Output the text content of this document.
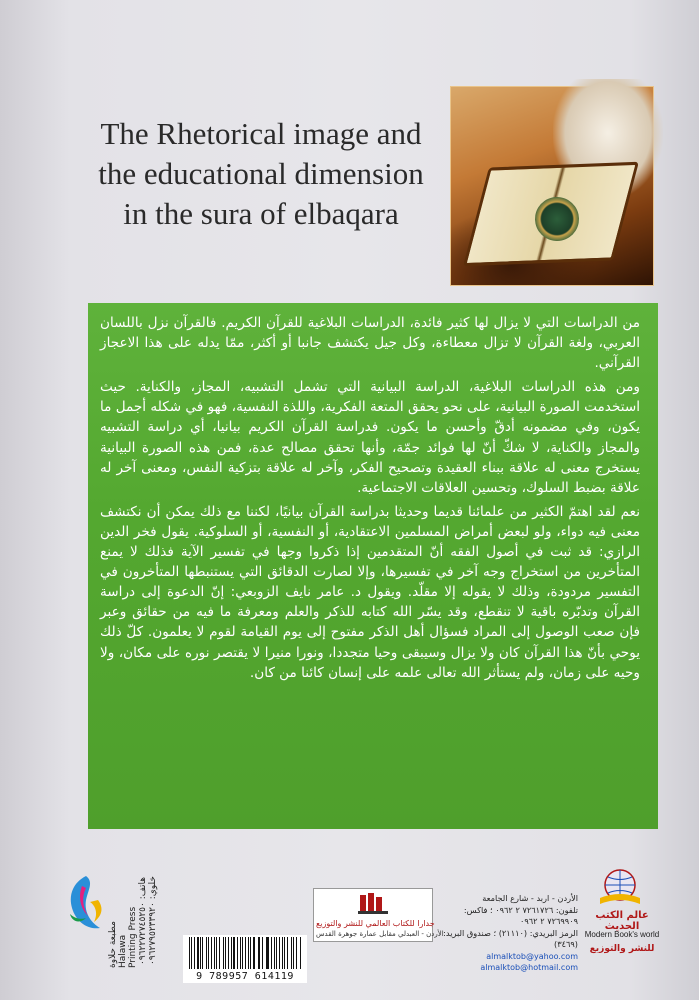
The Rhetorical image and
the educational dimension
in the sura of elbaqara

من الدراسات التي لا يزال لها كثير فائدة، الدراسات البلاغية للقرآن الكريم. فالقرآن نزل باللسان العربي، ولغة القرآن لا تزال معطاءة، وكل جيل يكتشف جانبا أو أكثر، ممّا يدله على هذا الاعجاز القرآني.

ومن هذه الدراسات البلاغية، الدراسة البيانية التي تشمل التشبيه، المجاز، والكناية. حيث استخدمت الصورة البيانية، على نحو يحقق المتعة الفكرية، واللذة النفسية، فهو في شكله أجمل ما يكون، وفي مضمونه أدقّ وأحسن ما يكون. فدراسة القرآن الكريم بيانيا، أي دراسة التشبيه والمجاز والكناية، لا شكّ أنّ لها فوائد جمّة، وأنها تحقق مصالح عدة، فمن هذه الصورة البيانية يستخرج معنى له علاقة ببناء العقيدة وتصحيح الفكر، وآخر له علاقة بتزكية النفس، ومعنى آخر له علاقة بضبط السلوك، وتحسين العلاقات الاجتماعية.

نعم لقد اهتمّ الكثير من علمائنا قديما وحديثا بدراسة القرآن بيانيًا، لكننا مع ذلك يمكن أن نكتشف معنى فيه دواء، ولو لبعض أمراض المسلمين الاعتقادية، أو النفسية، أو السلوكية. يقول فخر الدين الرازي: قد ثبت في أصول الفقه أنّ المتقدمين إذا ذكروا وجها في تفسير الآية فذلك لا يمنع المتأخرين من استخراج وجه آخر في تفسيرها، وإلا لصارت الدقائق التي يستنبطها المتأخرون في التفسير مردودة، وذلك لا يقوله إلا مقلّد. ويقول د. عامر نايف الزوبعي: إنّ الدعوة إلى دراسة القرآن وتدبّره باقية لا تنقطع، وقد يسّر الله كتابه للذكر والعلم ومعرفة ما فيه من حقائق وعبر فإن صعب الوصول إلى المراد فسؤال أهل الذكر مفتوح إلى يوم القيامة لقوم لا يعلمون. كلّ ذلك يوحي بأنّ هذا القرآن كان ولا يزال وسيبقى وحيا متجددا، ونورا منيرا لا يقتصر نوره على مكان، ولا وحيه على زمان، ولم يستأثر الله تعالى علمه على إنسان كائنا من كان.

مطبعة حلاوة Halawa Printing Press هاتف: ٠٩٦٢٢٧٢٧٤٥٢٥٠
خلوي: ٠٩٦٢٧٩٥٢٣٣٩٢٠
9 789957 614119
جدارا للكتاب العالمي للنشر والتوزيع
الأردن - العبدلي مقابل عمارة جوهرة القدس
الأردن - اربد - شارع الجامعة
تلفون: ٧٢٦١٧٢٦ ٢ ٠٩٦٢ ؛ فاكس: ٧٢٦٩٩٠٩ ٢ ٠٩٦٢
الرمز البريدي: (٢١١١٠) ؛ صندوق البريد: (٣٤٦٩)
almalktob@yahoo.com
almalktob@hotmail.com
عالم الكتب الحديث
Modern Book's world
للنشر والتوزيع
